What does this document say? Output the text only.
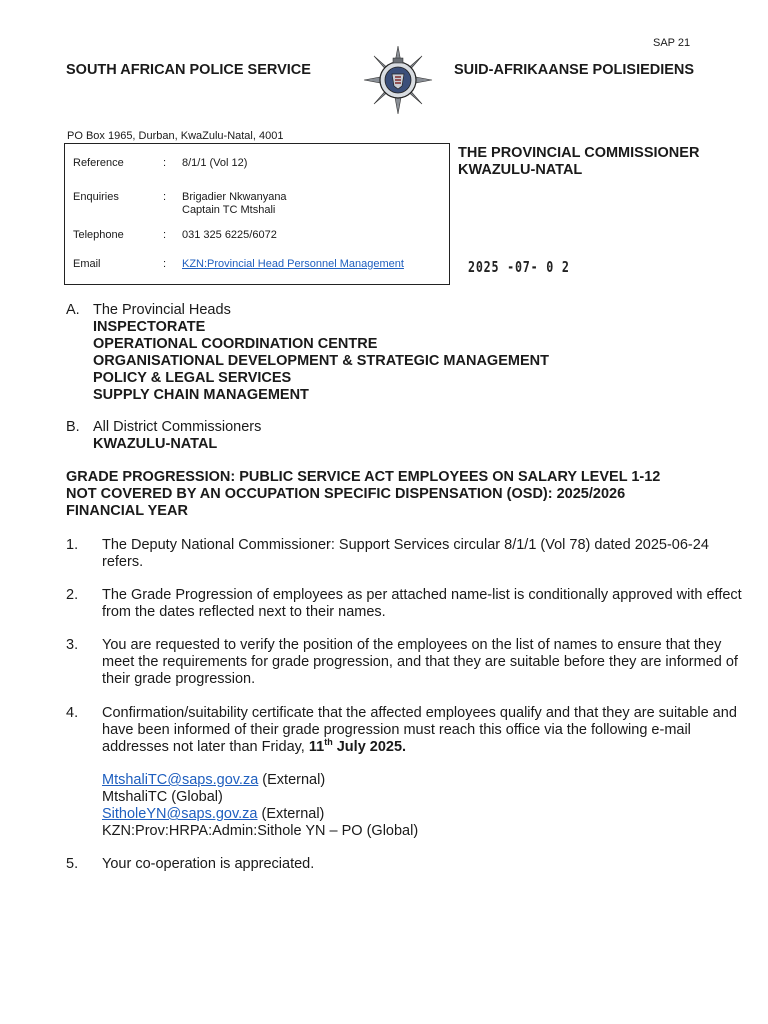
SAP 21
SOUTH AFRICAN POLICE SERVICE	SUID-AFRIKAANSE POLISIEDIENS
PO Box 1965, Durban, KwaZulu-Natal, 4001
Reference	: 8/1/1 (Vol 12)
Enquiries	: Brigadier Nkwanyana
Captain TC Mtshali
Telephone	: 031 325 6225/6072
Email	: KZN:Provincial Head Personnel Management
THE PROVINCIAL COMMISSIONER
KWAZULU-NATAL
2025 -07- 0 2
A. The Provincial Heads
INSPECTORATE
OPERATIONAL COORDINATION CENTRE
ORGANISATIONAL DEVELOPMENT & STRATEGIC MANAGEMENT
POLICY & LEGAL SERVICES
SUPPLY CHAIN MANAGEMENT
B. All District Commissioners
KWAZULU-NATAL
GRADE PROGRESSION: PUBLIC SERVICE ACT EMPLOYEES ON SALARY LEVEL 1-12
NOT COVERED BY AN OCCUPATION SPECIFIC DISPENSATION (OSD): 2025/2026
FINANCIAL YEAR
1. The Deputy National Commissioner: Support Services circular 8/1/1 (Vol 78) dated 2025-06-24 refers.
2. The Grade Progression of employees as per attached name-list is conditionally approved with effect from the dates reflected next to their names.
3. You are requested to verify the position of the employees on the list of names to ensure that they meet the requirements for grade progression, and that they are suitable before they are informed of their grade progression.
4. Confirmation/suitability certificate that the affected employees qualify and that they are suitable and have been informed of their grade progression must reach this office via the following e-mail addresses not later than Friday, 11th July 2025.
MtshaliTC@saps.gov.za (External)
MtshaliTC (Global)
SitholeYN@saps.gov.za (External)
KZN:Prov:HRPA:Admin:Sithole YN – PO (Global)
5. Your co-operation is appreciated.
